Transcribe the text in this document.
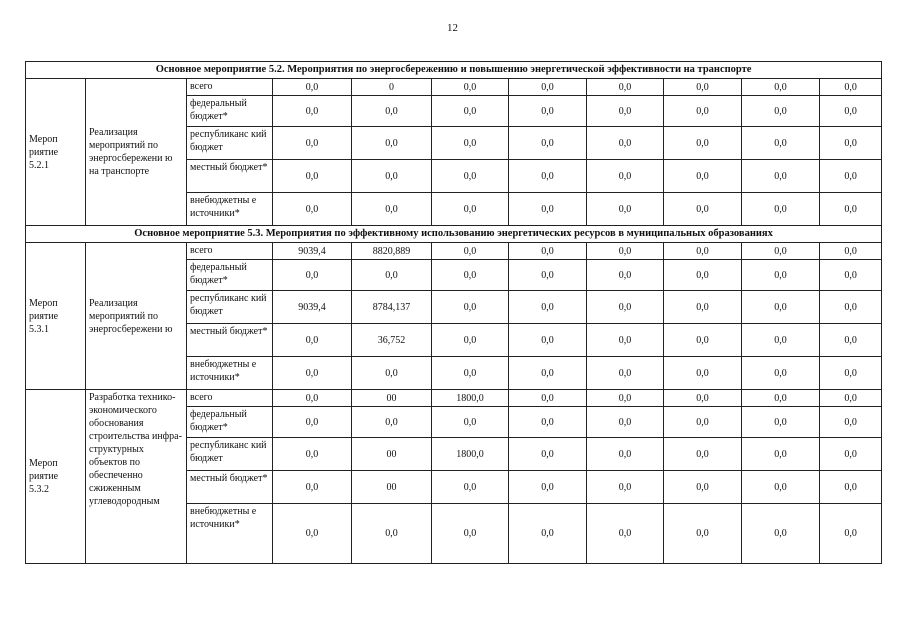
12
Основное мероприятие 5.2. Мероприятия по энергосбережению и повышению энергетической эффективности на транспорте										
Мероп
риятие
5.2.1	Реализация мероприятий по энергосбережени ю на транспорте	всего	0,0	0	0,0	0,0	0,0	0,0	0,0	0,0
		федеральный бюджет*	0,0	0,0	0,0	0,0	0,0	0,0	0,0	0,0
		республиканс кий бюджет	0,0	0,0	0,0	0,0	0,0	0,0	0,0	0,0
		местный бюджет*	0,0	0,0	0,0	0,0	0,0	0,0	0,0	0,0
		внебюджетны е источники*	0,0	0,0	0,0	0,0	0,0	0,0	0,0	0,0
Основное мероприятие 5.3. Мероприятия по эффективному использованию энергетических ресурсов в муниципальных образованиях										
Мероп
риятие
5.3.1	Реализация мероприятий по энергосбережени ю	всего	9039,4	8820,889	0,0	0,0	0,0	0,0	0,0	0,0
		федеральный бюджет*	0,0	0,0	0,0	0,0	0,0	0,0	0,0	0,0
		республиканс кий бюджет	9039,4	8784,137	0,0	0,0	0,0	0,0	0,0	0,0
		местный бюджет*	0,0	36,752	0,0	0,0	0,0	0,0	0,0	0,0
		внебюджетны е источники*	0,0	0,0	0,0	0,0	0,0	0,0	0,0	0,0
Мероп
риятие
5.3.2	Разработка технико-экономического обоснования строительства инфра-структурных объектов по обеспеченно сжиженным углеводородным	всего	0,0	00	1800,0	0,0	0,0	0,0	0,0	0,0
		федеральный бюджет*	0,0	0,0	0,0	0,0	0,0	0,0	0,0	0,0
		республиканс кий бюджет	0,0	00	1800,0	0,0	0,0	0,0	0,0	0,0
		местный бюджет*	0,0	00	0,0	0,0	0,0	0,0	0,0	0,0
		внебюджетны е источники*	0,0	0,0	0,0	0,0	0,0	0,0	0,0	0,0
